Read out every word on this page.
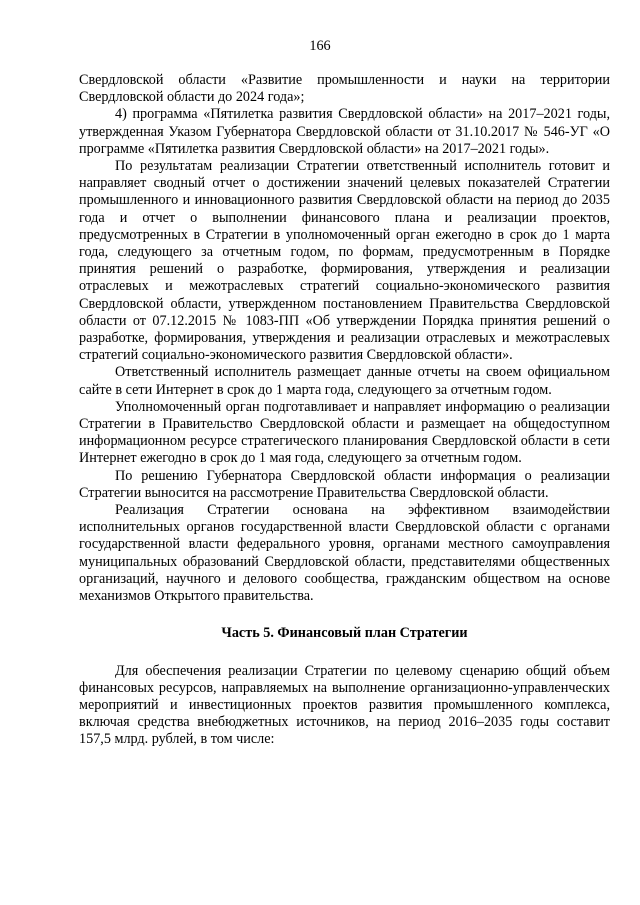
166

Свердловской области «Развитие промышленности и науки на территории Свердловской области до 2024 года»;

4) программа «Пятилетка развития Свердловской области» на 2017–2021 годы, утвержденная Указом Губернатора Свердловской области от 31.10.2017 № 546-УГ «О программе «Пятилетка развития Свердловской области» на 2017–2021 годы».

По результатам реализации Стратегии ответственный исполнитель готовит и направляет сводный отчет о достижении значений целевых показателей Стратегии промышленного и инновационного развития Свердловской области на период до 2035 года и отчет о выполнении финансового плана и реализации проектов, предусмотренных в Стратегии в уполномоченный орган ежегодно в срок до 1 марта года, следующего за отчетным годом, по формам, предусмотренным в Порядке принятия решений о разработке, формирования, утверждения и реализации отраслевых и межотраслевых стратегий социально-экономического развития Свердловской области, утвержденном постановлением Правительства Свердловской области от 07.12.2015 № 1083-ПП «Об утверждении Порядка принятия решений о разработке, формирования, утверждения и реализации отраслевых и межотраслевых стратегий социально-экономического развития Свердловской области».

Ответственный исполнитель размещает данные отчеты на своем официальном сайте в сети Интернет в срок до 1 марта года, следующего за отчетным годом.

Уполномоченный орган подготавливает и направляет информацию о реализации Стратегии в Правительство Свердловской области и размещает на общедоступном информационном ресурсе стратегического планирования Свердловской области в сети Интернет ежегодно в срок до 1 мая года, следующего за отчетным годом.

По решению Губернатора Свердловской области информация о реализации Стратегии выносится на рассмотрение Правительства Свердловской области.

Реализация Стратегии основана на эффективном взаимодействии исполнительных органов государственной власти Свердловской области с органами государственной власти федерального уровня, органами местного самоуправления муниципальных образований Свердловской области, представителями общественных организаций, научного и делового сообщества, гражданским обществом на основе механизмов Открытого правительства.

Часть 5. Финансовый план Стратегии

Для обеспечения реализации Стратегии по целевому сценарию общий объем финансовых ресурсов, направляемых на выполнение организационно-управленческих мероприятий и инвестиционных проектов развития промышленного комплекса, включая средства внебюджетных источников, на период 2016–2035 годы составит 157,5 млрд. рублей, в том числе:
